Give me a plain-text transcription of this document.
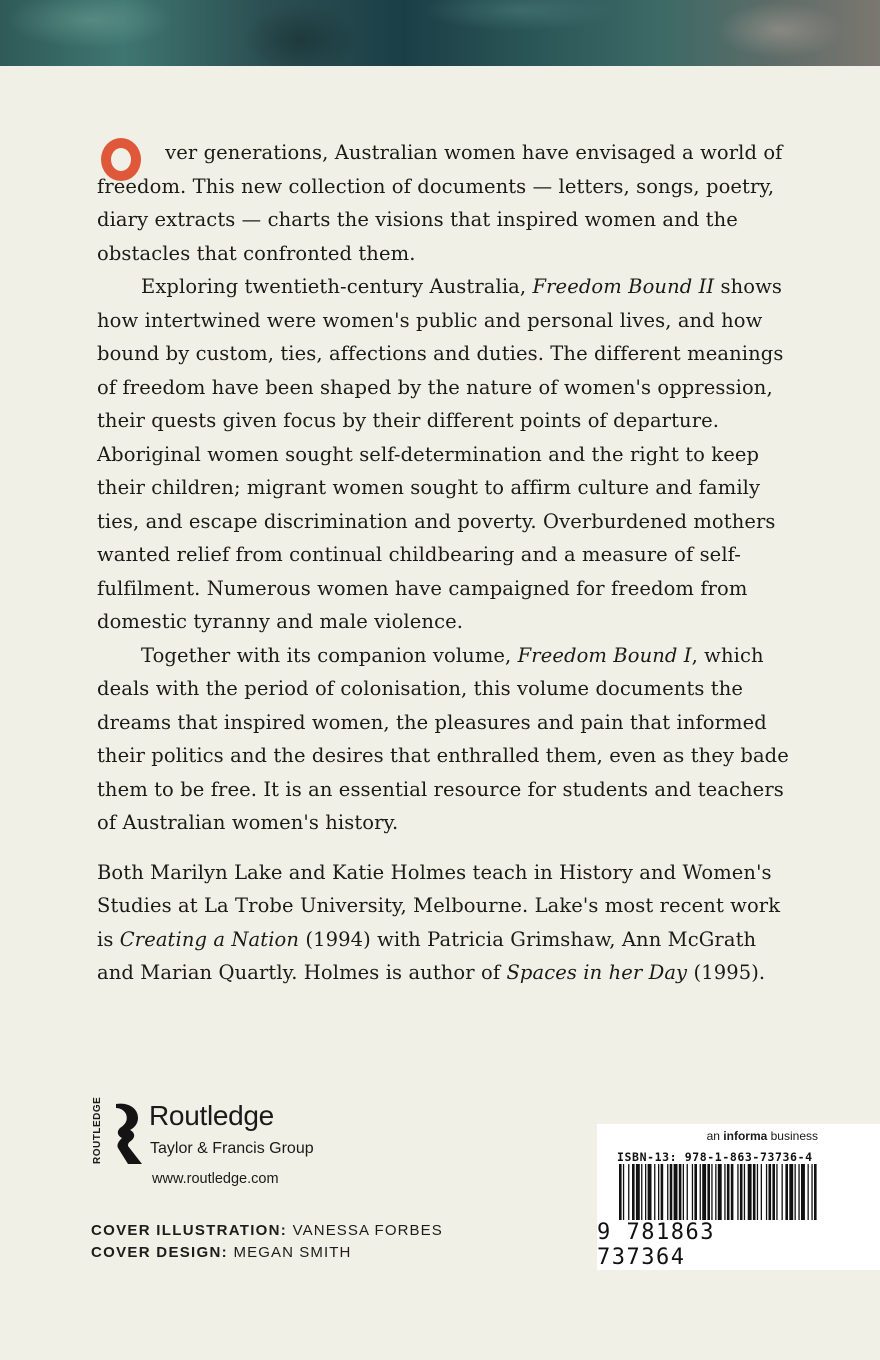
ver generations, Australian women have envisaged a world of freedom. This new collection of documents — letters, songs, poetry, diary extracts — charts the visions that inspired women and the obstacles that confronted them.

Exploring twentieth-century Australia, Freedom Bound II shows how intertwined were women's public and personal lives, and how bound by custom, ties, affections and duties. The different meanings of freedom have been shaped by the nature of women's oppression, their quests given focus by their different points of departure. Aboriginal women sought self-determination and the right to keep their children; migrant women sought to affirm culture and family ties, and escape discrimination and poverty. Overburdened mothers wanted relief from continual childbearing and a measure of self-fulfilment. Numerous women have campaigned for freedom from domestic tyranny and male violence.

Together with its companion volume, Freedom Bound I, which deals with the period of colonisation, this volume documents the dreams that inspired women, the pleasures and pain that informed their politics and the desires that enthralled them, even as they bade them to be free. It is an essential resource for students and teachers of Australian women's history.

Both Marilyn Lake and Katie Holmes teach in History and Women's Studies at La Trobe University, Melbourne. Lake's most recent work is Creating a Nation (1994) with Patricia Grimshaw, Ann McGrath and Marian Quartly. Holmes is author of Spaces in her Day (1995).

ROUTLEDGE Routledge
Taylor & Francis Group
www.routledge.com
COVER ILLUSTRATION: VANESSA FORBES
COVER DESIGN: MEGAN SMITH
an informa business
ISBN-13: 978-1-863-73736-4
9 781863 737364
